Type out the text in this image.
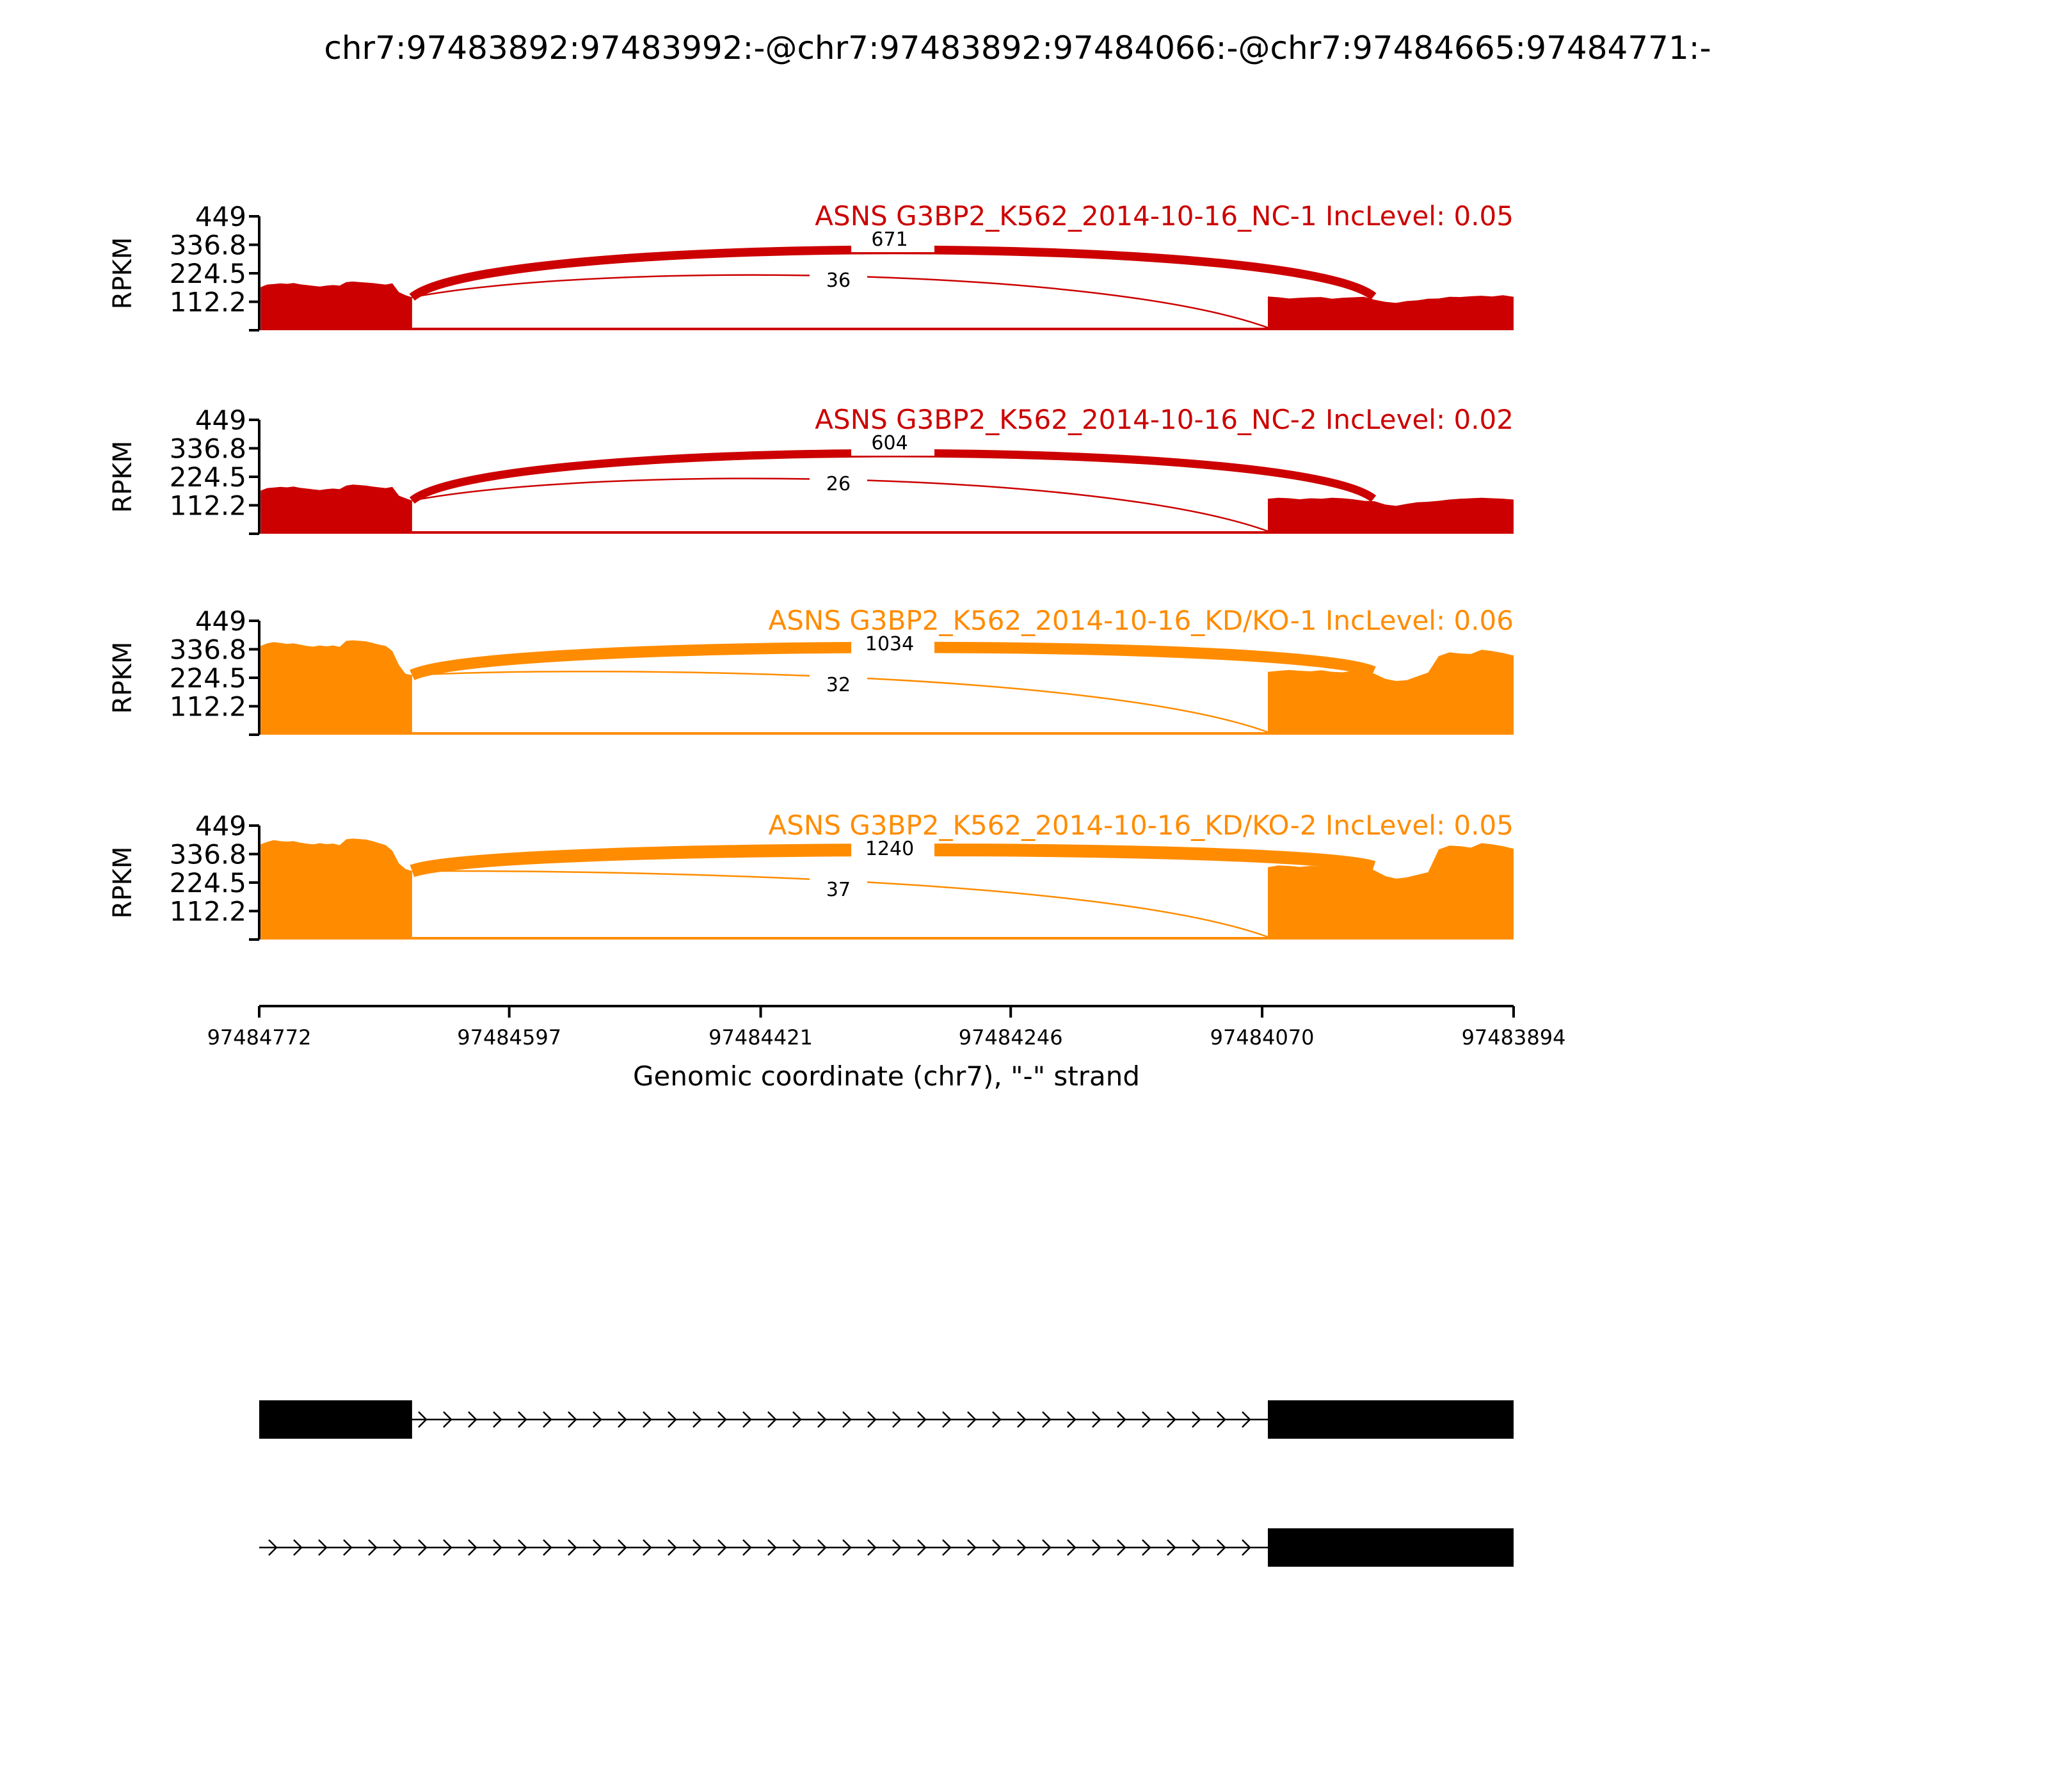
chr7:97483892:97483992:-@chr7:97483892:97484066:-@chr7:97484665:97484771:-
112.2
224.5
336.8
449
RPKM	671
36
ASNS G3BP2_K562_2014-10-16_NC-1 IncLevel: 0.05
112.2
224.5
336.8
449
RPKM	604
26
ASNS G3BP2_K562_2014-10-16_NC-2 IncLevel: 0.02
112.2
224.5
336.8
449
RPKM	1034
32
ASNS G3BP2_K562_2014-10-16_KD/KO-1 IncLevel: 0.06
112.2
224.5
336.8
449
RPKM	1240
37
ASNS G3BP2_K562_2014-10-16_KD/KO-2 IncLevel: 0.05
97484772	97484597	97484421	97484246	97484070	97483894
Genomic coordinate (chr7), "-" strand
